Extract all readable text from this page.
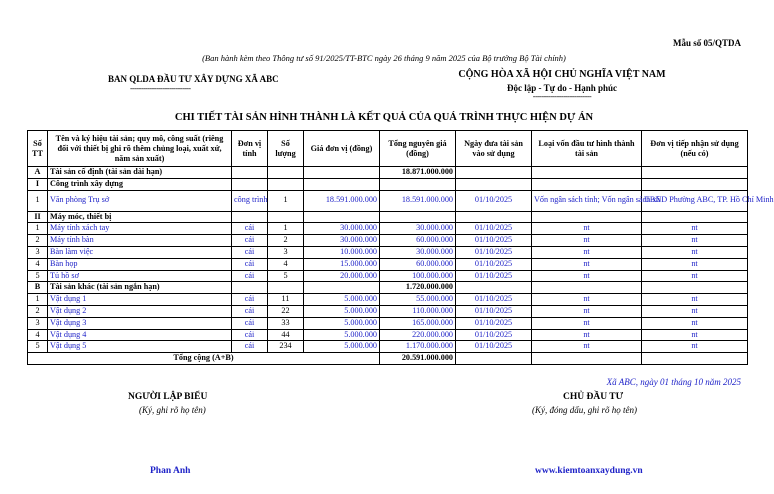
Mẫu số 05/QTDA
(Ban hành kèm theo Thông tư số 91/2025/TT-BTC ngày 26 tháng 9 năm 2025 của Bộ trưởng Bộ Tài chính)
BAN QLDA ĐẦU TƯ XÂY DỰNG XÃ ABC
----------------------------
CỘNG HÒA XÃ HỘI CHỦ NGHĨA VIỆT NAM
Độc lập - Tự do - Hạnh phúc
---------------------------
CHI TIẾT TÀI SẢN HÌNH THÀNH LÀ KẾT QUẢ CỦA QUÁ TRÌNH THỰC HIỆN DỰ ÁN
Số TT	Tên và ký hiệu tài sản; quy mô, công suất (riêng đối với thiết bị ghi rõ thêm chủng loại, xuất xứ, năm sản xuất)	Đơn vị tính	Số lượng	Giá đơn vị (đồng)	Tổng nguyên giá (đồng)	Ngày đưa tài sản vào sử dụng	Loại vốn đầu tư hình thành tài sản	Đơn vị tiếp nhận sử dụng (nếu có)
A	Tài sản cố định (tài sản dài hạn)				18.871.000.000			
I	Công trình xây dựng							
1	Văn phòng Trụ sở	công trình	1	18.591.000.000	18.591.000.000	01/10/2025	Vốn ngân sách tỉnh; Vốn ngân sách xã	UBND Phường ABC, TP. Hồ Chí Minh
II	Máy móc, thiết bị							
1	Máy tính xách tay	cái	1	30.000.000	30.000.000	01/10/2025	nt	nt
2	Máy tính bàn	cái	2	30.000.000	60.000.000	01/10/2025	nt	nt
3	Bàn làm việc	cái	3	10.000.000	30.000.000	01/10/2025	nt	nt
4	Bàn họp	cái	4	15.000.000	60.000.000	01/10/2025	nt	nt
5	Tủ hồ sơ	cái	5	20.000.000	100.000.000	01/10/2025	nt	nt
B	Tài sản khác (tài sản ngắn hạn)				1.720.000.000			
1	Vật dụng 1	cái	11	5.000.000	55.000.000	01/10/2025	nt	nt
2	Vật dụng 2	cái	22	5.000.000	110.000.000	01/10/2025	nt	nt
3	Vật dụng 3	cái	33	5.000.000	165.000.000	01/10/2025	nt	nt
4	Vật dụng 4	cái	44	5.000.000	220.000.000	01/10/2025	nt	nt
5	Vật dụng 5	cái	234	5.000.000	1.170.000.000	01/10/2025	nt	nt
Tổng cộng (A+B)					20.591.000.000			
Xã ABC, ngày 01 tháng 10 năm 2025
NGƯỜI LẬP BIỂU
(Ký, ghi rõ họ tên)
CHỦ ĐẦU TƯ
(Ký, đóng dấu, ghi rõ họ tên)
Phan Anh	www.kiemtoanxaydung.vn
